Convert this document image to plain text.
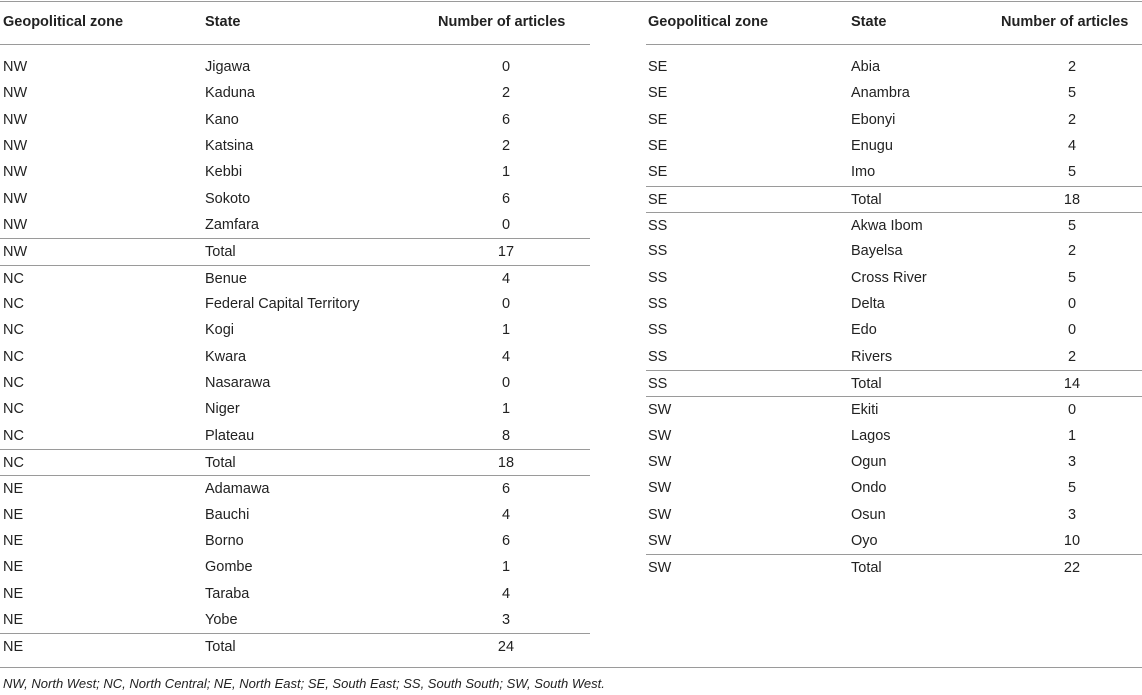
Geopolitical zone	State	Number of articles
NW	Jigawa	0
NW	Kaduna	2
NW	Kano	6
NW	Katsina	2
NW	Kebbi	1
NW	Sokoto	6
NW	Zamfara	0
NW	Total	17
NC	Benue	4
NC	Federal Capital Territory	0
NC	Kogi	1
NC	Kwara	4
NC	Nasarawa	0
NC	Niger	1
NC	Plateau	8
NC	Total	18
NE	Adamawa	6
NE	Bauchi	4
NE	Borno	6
NE	Gombe	1
NE	Taraba	4
NE	Yobe	3
NE	Total	24
Geopolitical zone	State	Number of articles
SE	Abia	2
SE	Anambra	5
SE	Ebonyi	2
SE	Enugu	4
SE	Imo	5
SE	Total	18
SS	Akwa Ibom	5
SS	Bayelsa	2
SS	Cross River	5
SS	Delta	0
SS	Edo	0
SS	Rivers	2
SS	Total	14
SW	Ekiti	0
SW	Lagos	1
SW	Ogun	3
SW	Ondo	5
SW	Osun	3
SW	Oyo	10
SW	Total	22
NW, North West; NC, North Central; NE, North East; SE, South East; SS, South South; SW, South West.
